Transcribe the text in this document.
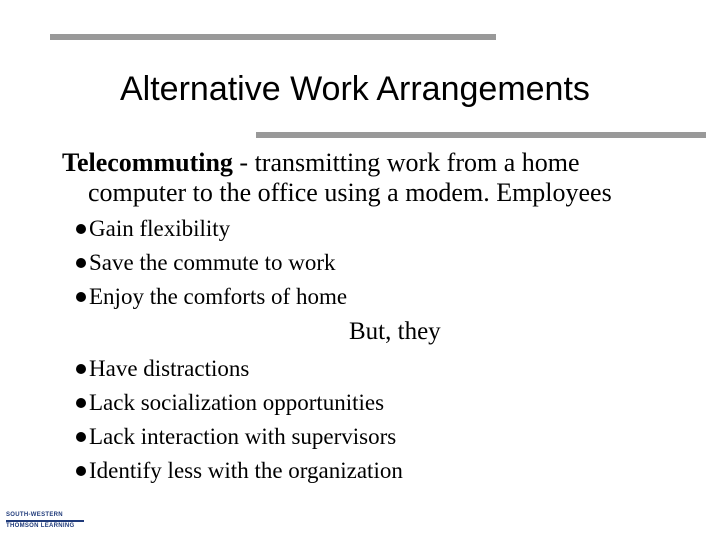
Alternative Work Arrangements
Telecommuting - transmitting work from a home
computer to the office using a modem. Employees
Gain flexibility
Save the commute to work
Enjoy the comforts of home
But, they
Have distractions
Lack socialization opportunities
Lack interaction with supervisors
Identify less with the organization
SOUTH-WESTERN
THOMSON LEARNING
